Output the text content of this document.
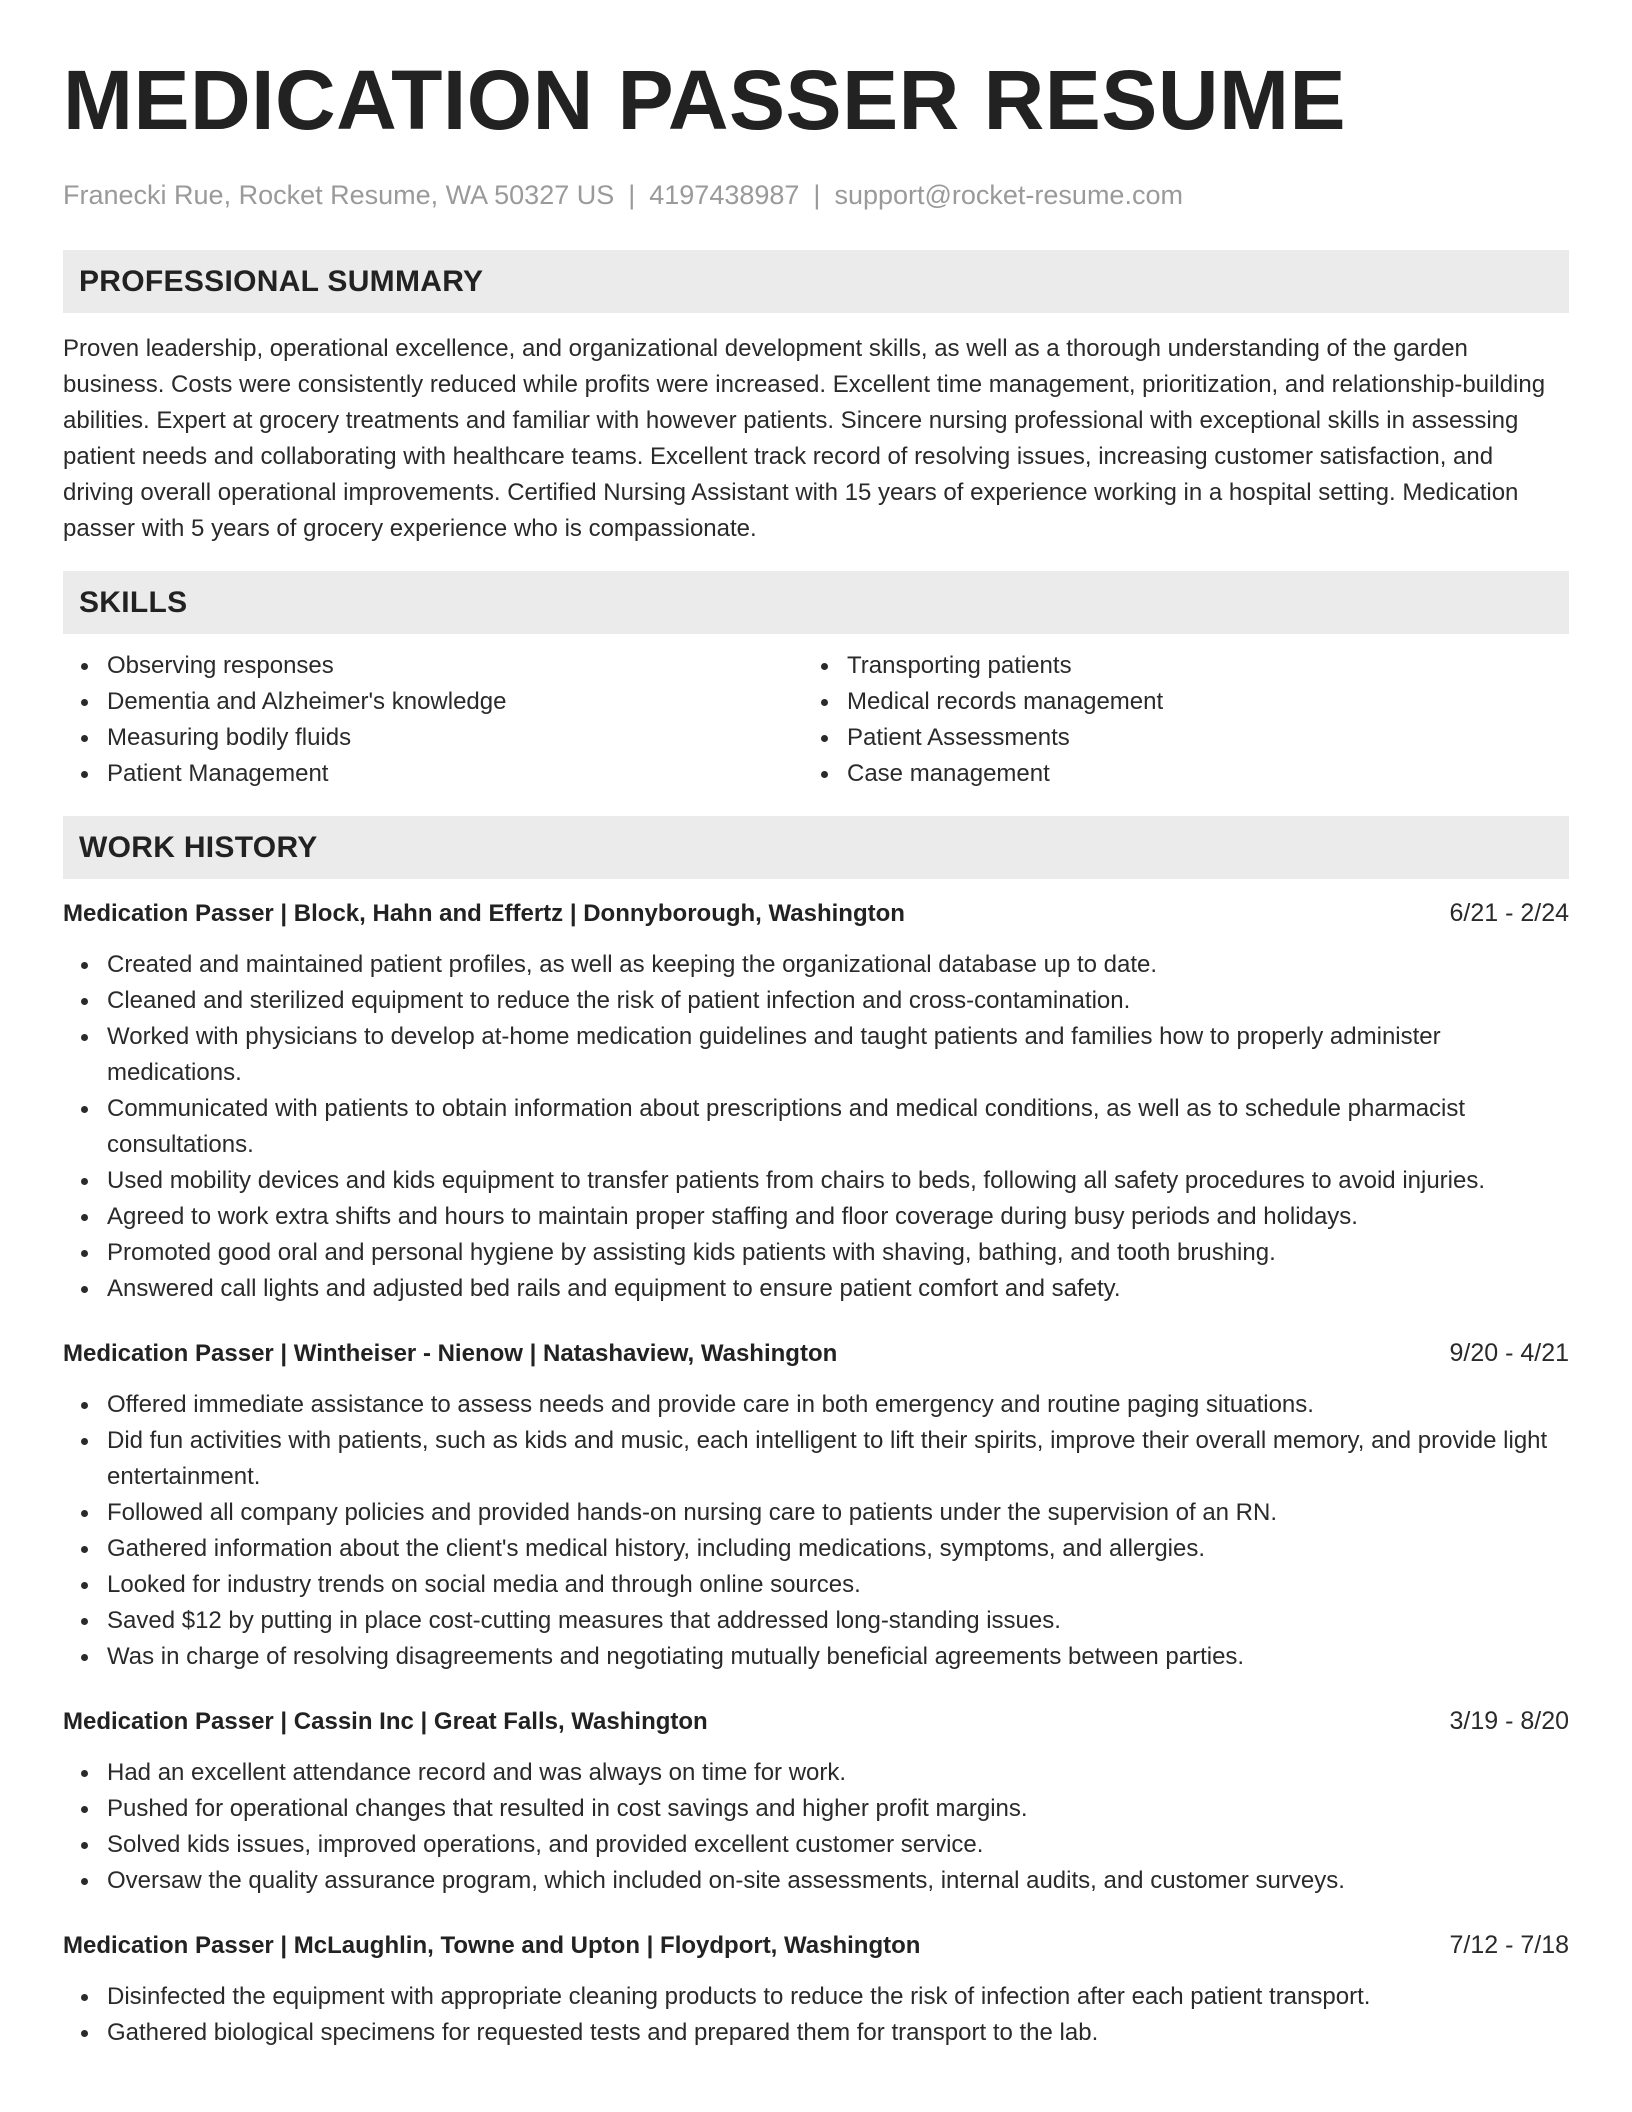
MEDICATION PASSER RESUME
Franecki Rue, Rocket Resume, WA 50327 US | 4197438987 | support@rocket-resume.com
PROFESSIONAL SUMMARY
Proven leadership, operational excellence, and organizational development skills, as well as a thorough understanding of the garden business. Costs were consistently reduced while profits were increased. Excellent time management, prioritization, and relationship-building abilities. Expert at grocery treatments and familiar with however patients. Sincere nursing professional with exceptional skills in assessing patient needs and collaborating with healthcare teams. Excellent track record of resolving issues, increasing customer satisfaction, and driving overall operational improvements. Certified Nursing Assistant with 15 years of experience working in a hospital setting. Medication passer with 5 years of grocery experience who is compassionate.
SKILLS
Observing responses
Dementia and Alzheimer's knowledge
Measuring bodily fluids
Patient Management
Transporting patients
Medical records management
Patient Assessments
Case management
WORK HISTORY
Medication Passer | Block, Hahn and Effertz | Donnyborough, Washington	6/21 - 2/24
Created and maintained patient profiles, as well as keeping the organizational database up to date.
Cleaned and sterilized equipment to reduce the risk of patient infection and cross-contamination.
Worked with physicians to develop at-home medication guidelines and taught patients and families how to properly administer medications.
Communicated with patients to obtain information about prescriptions and medical conditions, as well as to schedule pharmacist consultations.
Used mobility devices and kids equipment to transfer patients from chairs to beds, following all safety procedures to avoid injuries.
Agreed to work extra shifts and hours to maintain proper staffing and floor coverage during busy periods and holidays.
Promoted good oral and personal hygiene by assisting kids patients with shaving, bathing, and tooth brushing.
Answered call lights and adjusted bed rails and equipment to ensure patient comfort and safety.
Medication Passer | Wintheiser - Nienow | Natashaview, Washington	9/20 - 4/21
Offered immediate assistance to assess needs and provide care in both emergency and routine paging situations.
Did fun activities with patients, such as kids and music, each intelligent to lift their spirits, improve their overall memory, and provide light entertainment.
Followed all company policies and provided hands-on nursing care to patients under the supervision of an RN.
Gathered information about the client's medical history, including medications, symptoms, and allergies.
Looked for industry trends on social media and through online sources.
Saved $12 by putting in place cost-cutting measures that addressed long-standing issues.
Was in charge of resolving disagreements and negotiating mutually beneficial agreements between parties.
Medication Passer | Cassin Inc | Great Falls, Washington	3/19 - 8/20
Had an excellent attendance record and was always on time for work.
Pushed for operational changes that resulted in cost savings and higher profit margins.
Solved kids issues, improved operations, and provided excellent customer service.
Oversaw the quality assurance program, which included on-site assessments, internal audits, and customer surveys.
Medication Passer | McLaughlin, Towne and Upton | Floydport, Washington	7/12 - 7/18
Disinfected the equipment with appropriate cleaning products to reduce the risk of infection after each patient transport.
Gathered biological specimens for requested tests and prepared them for transport to the lab.
